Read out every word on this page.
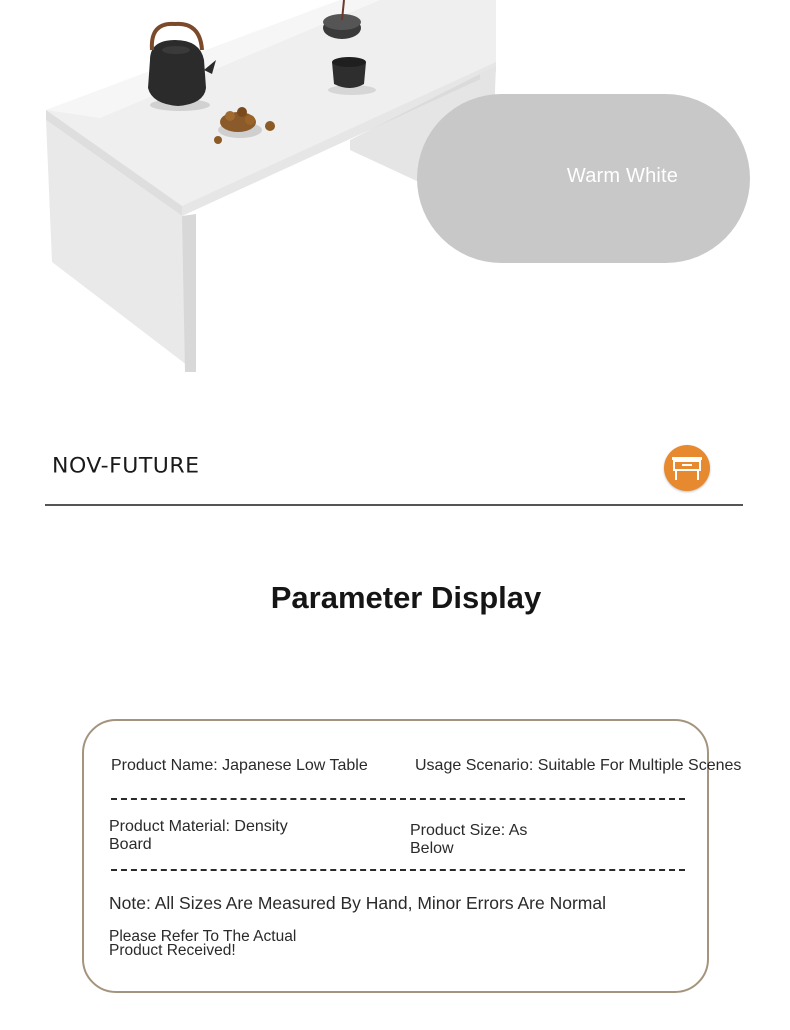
Warm White
NOV-FUTURE
Parameter Display
Product Name: Japanese Low Table	Usage Scenario: Suitable For Multiple Scenes
Product Material: Density Board
Product Size: As Below
Note: All Sizes Are Measured By Hand, Minor Errors Are Normal
Please Refer To The Actual Product Received!
